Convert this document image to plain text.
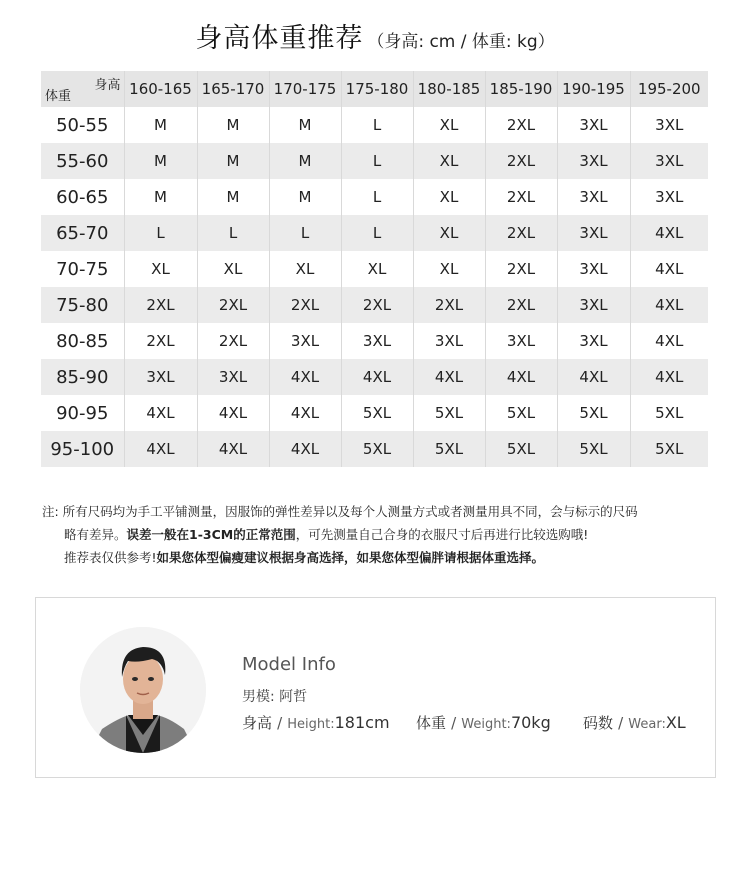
身高体重推荐 （身高: cm / 体重: kg）
身高
体重	160-165	165-170	170-175	175-180	180-185	185-190	190-195	195-200
50-55	M	M	M	L	XL	2XL	3XL	3XL
55-60	M	M	M	L	XL	2XL	3XL	3XL
60-65	M	M	M	L	XL	2XL	3XL	3XL
65-70	L	L	L	L	XL	2XL	3XL	4XL
70-75	XL	XL	XL	XL	XL	2XL	3XL	4XL
75-80	2XL	2XL	2XL	2XL	2XL	2XL	3XL	4XL
80-85	2XL	2XL	3XL	3XL	3XL	3XL	3XL	4XL
85-90	3XL	3XL	4XL	4XL	4XL	4XL	4XL	4XL
90-95	4XL	4XL	4XL	5XL	5XL	5XL	5XL	5XL
95-100	4XL	4XL	4XL	5XL	5XL	5XL	5XL	5XL
注: 所有尺码均为手工平铺测量，因服饰的弹性差异以及每个人测量方式或者测量用具不同，会与标示的尺码
略有差异。误差一般在1-3CM的正常范围，可先测量自己合身的衣服尺寸后再进行比较选购哦!
推荐表仅供参考!如果您体型偏瘦建议根据身高选择，如果您体型偏胖请根据体重选择。
Model Info
男模: 阿哲
身高 / Height:181cm 体重 / Weight:70kg 码数 / Wear:XL
